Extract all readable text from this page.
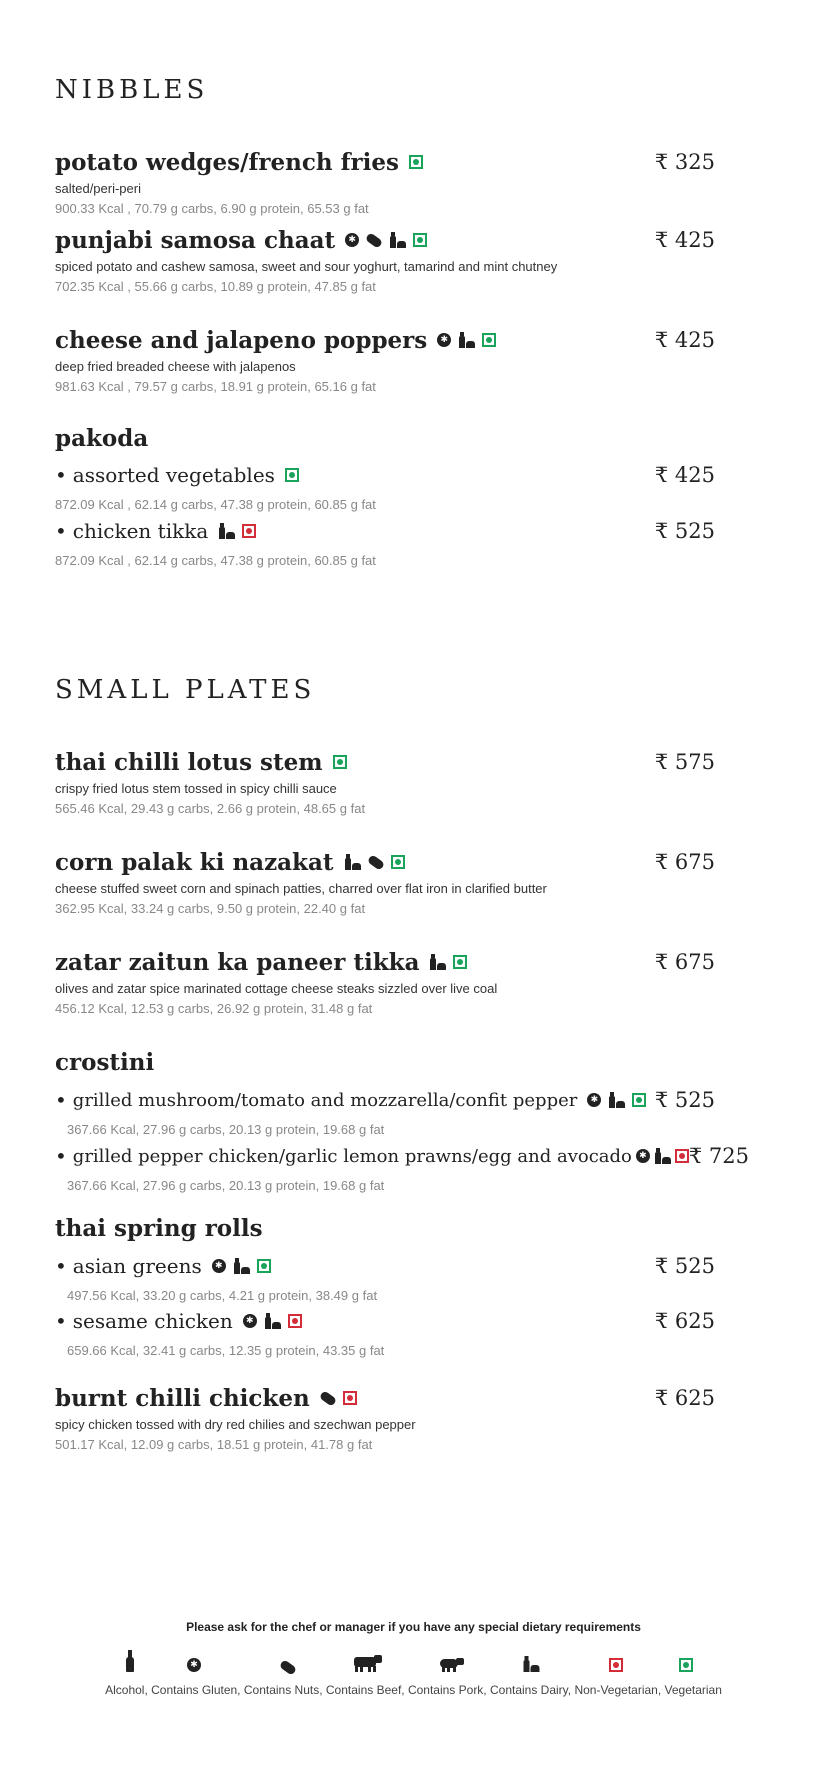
NIBBLES
potato wedges/french fries	₹ 325
salted/peri-peri
900.33 Kcal , 70.79 g carbs, 6.90 g protein, 65.53 g fat
punjabi samosa chaat	✱	₹ 425
spiced potato and cashew samosa, sweet and sour yoghurt, tamarind and mint chutney
702.35 Kcal , 55.66 g carbs, 10.89 g protein, 47.85 g fat
cheese and jalapeno poppers	✱	₹ 425
deep fried breaded cheese with jalapenos
981.63 Kcal , 79.57 g carbs, 18.91 g protein, 65.16 g fat
pakoda
• assorted vegetables	₹ 425
872.09 Kcal , 62.14 g carbs, 47.38 g protein, 60.85 g fat
• chicken tikka	₹ 525
872.09 Kcal , 62.14 g carbs, 47.38 g protein, 60.85 g fat
SMALL PLATES
thai chilli lotus stem	₹ 575
crispy fried lotus stem tossed in spicy chilli sauce
565.46 Kcal, 29.43 g carbs, 2.66 g protein, 48.65 g fat
corn palak ki nazakat	₹ 675
cheese stuffed sweet corn and spinach patties, charred over flat iron in clarified butter
362.95 Kcal, 33.24 g carbs, 9.50 g protein, 22.40 g fat
zatar zaitun ka paneer tikka	₹ 675
olives and zatar spice marinated cottage cheese steaks sizzled over live coal
456.12 Kcal, 12.53 g carbs, 26.92 g protein, 31.48 g fat
crostini
• grilled mushroom/tomato and mozzarella/confit pepper	✱	₹ 525
367.66 Kcal, 27.96 g carbs, 20.13 g protein, 19.68 g fat
• grilled pepper chicken/garlic lemon prawns/egg and avocado ✱ ₹ 725
367.66 Kcal, 27.96 g carbs, 20.13 g protein, 19.68 g fat
thai spring rolls
• asian greens	✱	₹ 525
497.56 Kcal, 33.20 g carbs, 4.21 g protein, 38.49 g fat
• sesame chicken	✱	₹ 625
659.66 Kcal, 32.41 g carbs, 12.35 g protein, 43.35 g fat
burnt chilli chicken	₹ 625
spicy chicken tossed with dry red chilies and szechwan pepper
501.17 Kcal, 12.09 g carbs, 18.51 g protein, 41.78 g fat
Please ask for the chef or manager if you have any special dietary requirements
✱
Alcohol, Contains Gluten, Contains Nuts, Contains Beef, Contains Pork, Contains Dairy, Non-Vegetarian, Vegetarian
